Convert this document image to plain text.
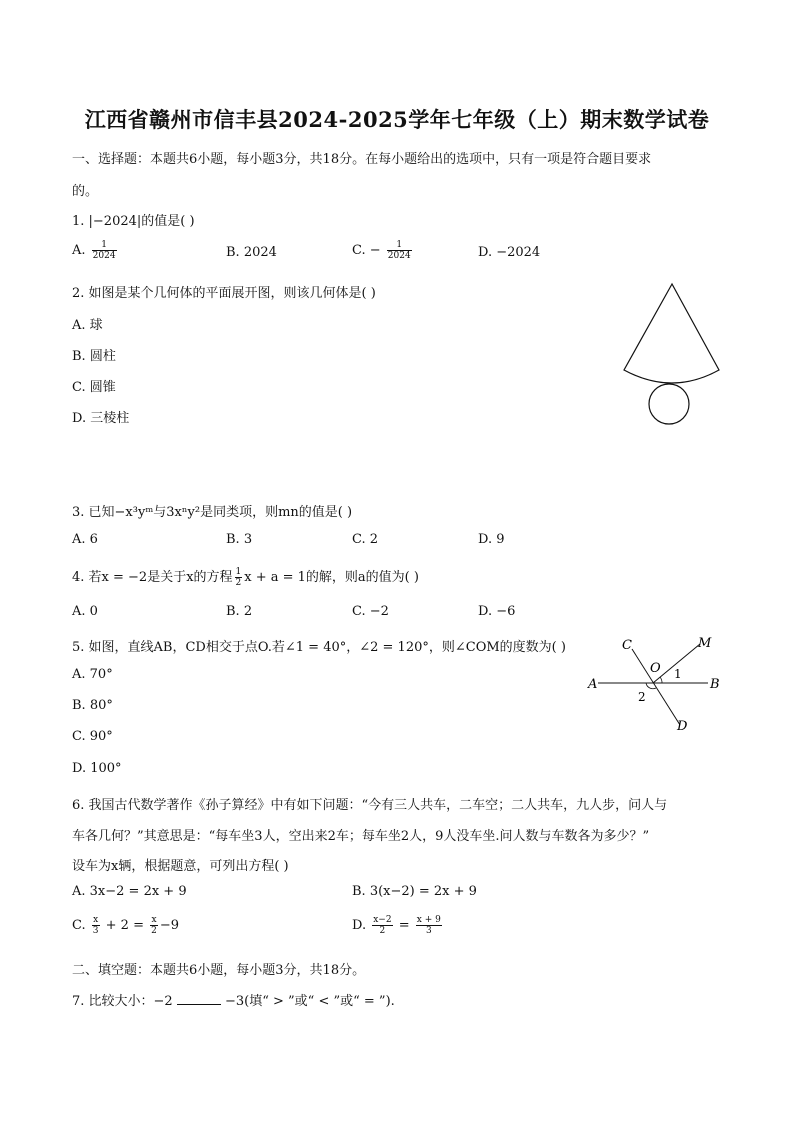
江西省赣州市信丰县2024-2025学年七年级（上）期末数学试卷
一、选择题：本题共6小题，每小题3分，共18分。在每小题给出的选项中，只有一项是符合题目要求
的。
1. |−2024|的值是( )
A. $\frac{1}{2024}$	B. 2024	C. − $\frac{1}{2024}$	D. −2024
2. 如图是某个几何体的平面展开图，则该几何体是( )
A. 球
B. 圆柱
C. 圆锥
D. 三棱柱
3. 已知−x³yᵐ与3xⁿy²是同类项，则mn的值是( )
A. 6	B. 3	C. 2	D. 9
4. 若x = −2是关于x的方程 $\frac{1}{2}$ x + a = 1的解，则a的值为( )
A. 0	B. 2	C. −2	D. −6
5. 如图，直线AB，CD相交于点O.若∠1 = 40°，∠2 = 120°，则∠COM的度数为( )
A. 70°
B. 80°
C. 90°
D. 100°
A	B
C
D
M
O 1
2
6. 我国古代数学著作《孙子算经》中有如下问题：“今有三人共车，二车空；二人共车，九人步，问人与
车各几何？”其意思是：“每车坐3人，空出来2车；每车坐2人，9人没车坐.问人数与车数各为多少？”
设车为x辆，根据题意，可列出方程( )
A. 3x−2 = 2x + 9	B. 3(x−2) = 2x + 9
C. $\frac{x}{3} + 2 = \frac{x}{2} -9$	D. $\frac{x-2}{2} = \frac{x + 9}{3}$
二、填空题：本题共6小题，每小题3分，共18分。
7. 比较大小：−2	−3(填“ > ”或“ < ”或“ = ”).
